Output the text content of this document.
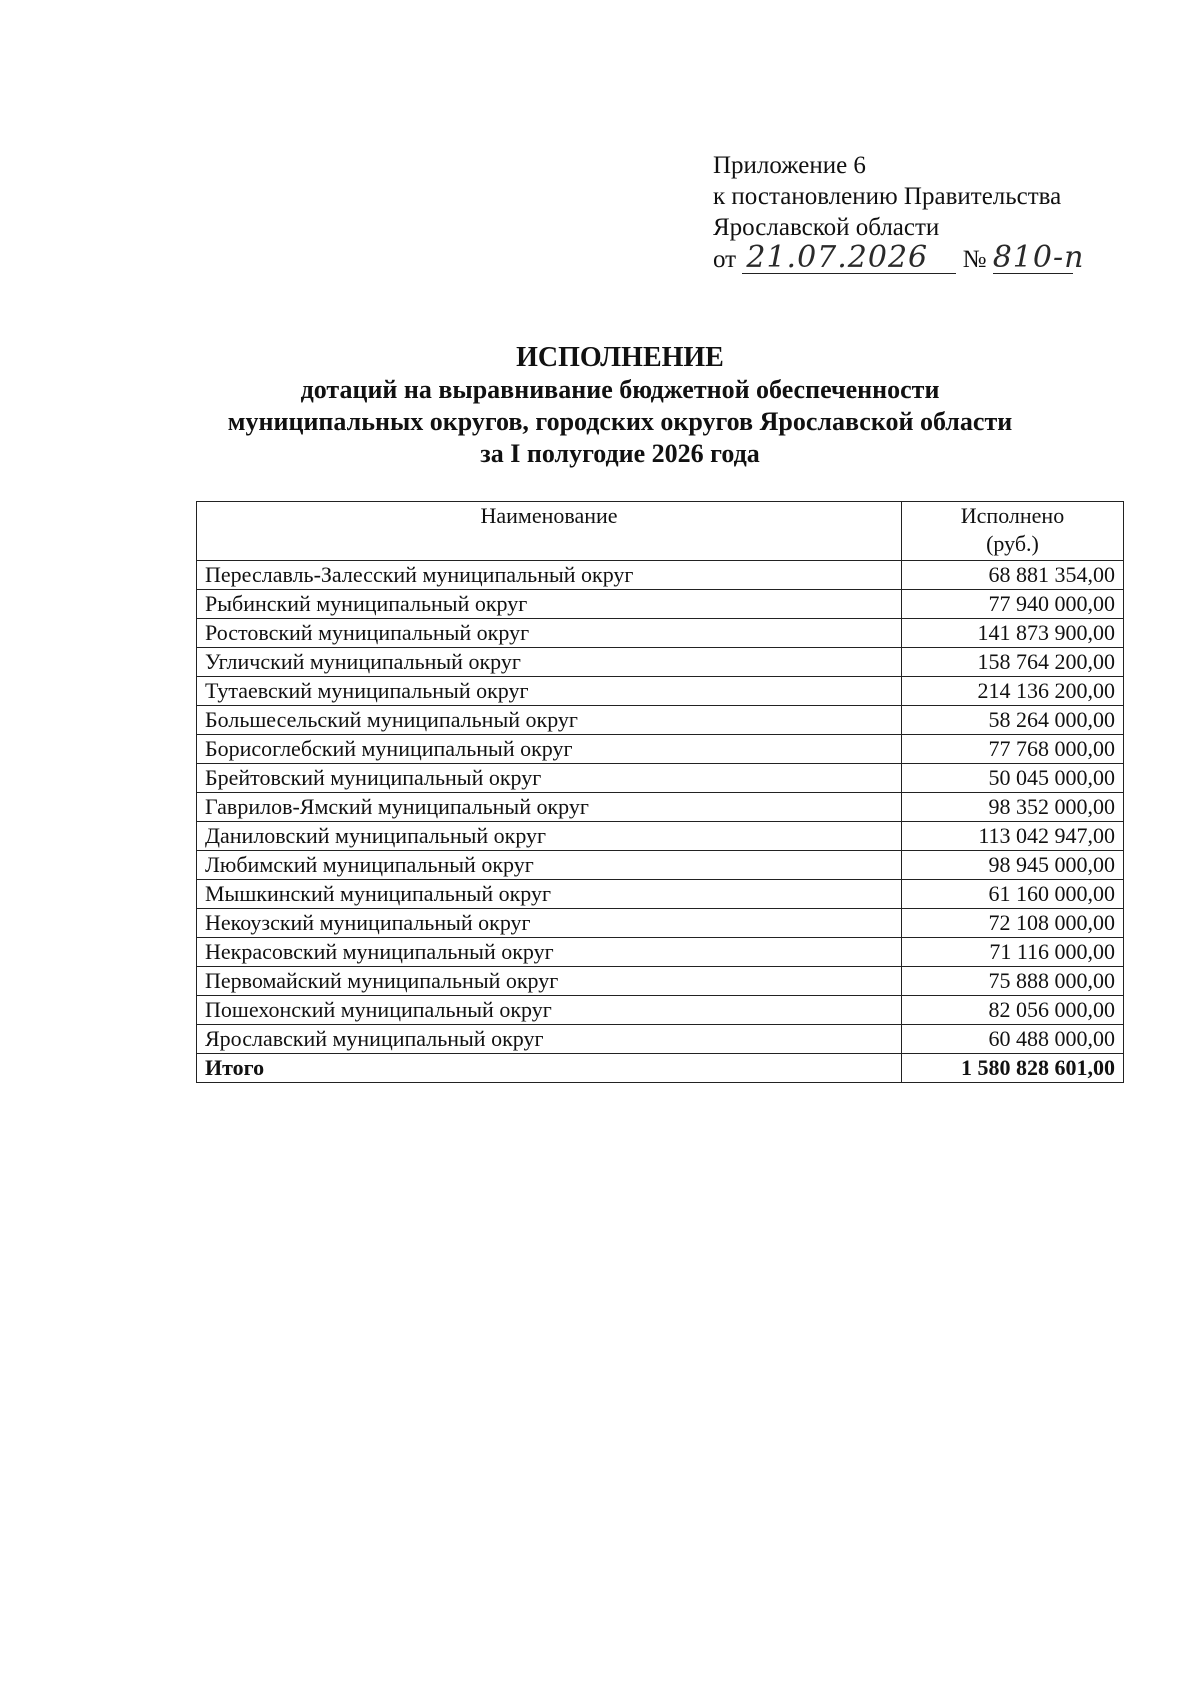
Приложение 6
к постановлению Правительства
Ярославской области
от 21.07.2026 № 810-п
ИСПОЛНЕНИЕ
дотаций на выравнивание бюджетной обеспеченности
муниципальных округов, городских округов Ярославской области
за I полугодие 2026 года
Наименование	Исполнено
(руб.)

Переславль-Залесский муниципальный округ	68 881 354,00
Рыбинский муниципальный округ	77 940 000,00
Ростовский муниципальный округ	141 873 900,00
Угличский муниципальный округ	158 764 200,00
Тутаевский муниципальный округ	214 136 200,00
Большесельский муниципальный округ	58 264 000,00
Борисоглебский муниципальный округ	77 768 000,00
Брейтовский муниципальный округ	50 045 000,00
Гаврилов-Ямский муниципальный округ	98 352 000,00
Даниловский муниципальный округ	113 042 947,00
Любимский муниципальный округ	98 945 000,00
Мышкинский муниципальный округ	61 160 000,00
Некоузский муниципальный округ	72 108 000,00
Некрасовский муниципальный округ	71 116 000,00
Первомайский муниципальный округ	75 888 000,00
Пошехонский муниципальный округ	82 056 000,00
Ярославский муниципальный округ	60 488 000,00
Итого	1 580 828 601,00
